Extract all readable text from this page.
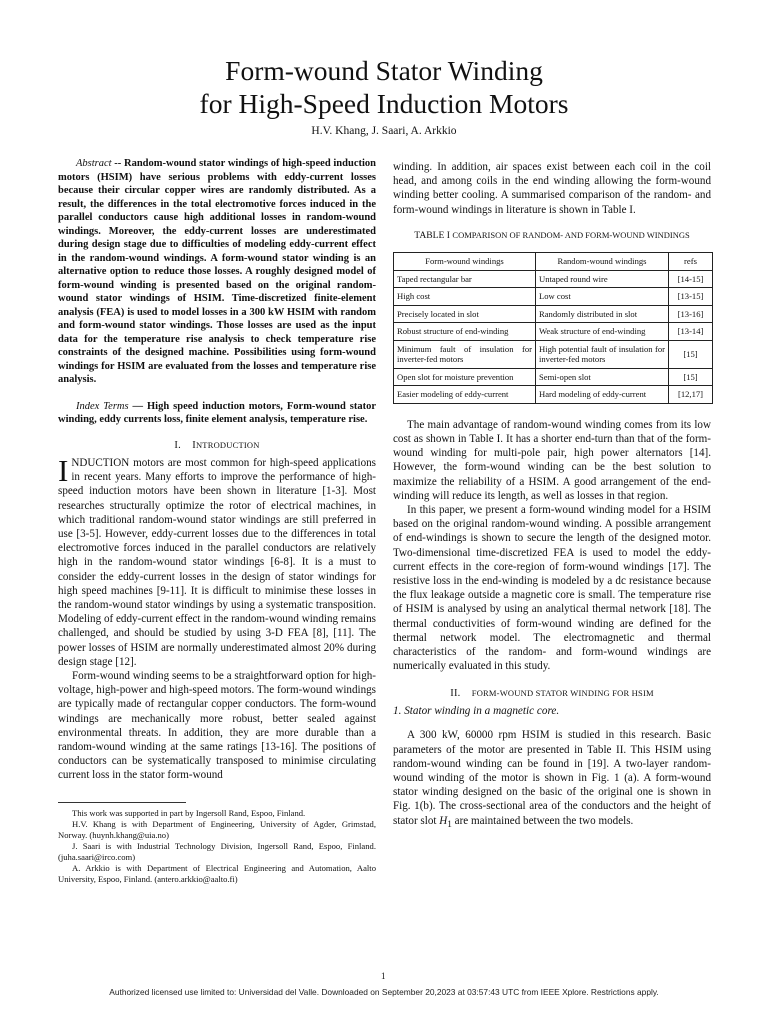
Form-wound Stator Winding
for High-Speed Induction Motors
H.V. Khang, J. Saari, A. Arkkio

Abstract -- Random-wound stator windings of high-speed induction motors (HSIM) have serious problems with eddy-current losses because their circular copper wires are randomly distributed. As a result, the differences in the total electromotive forces induced in the parallel conductors cause high additional losses in random-wound windings. Moreover, the eddy-current losses are underestimated during design stage due to difficulties of modeling eddy-current effect in the random-wound windings. A form-wound stator winding is an alternative option to reduce those losses. A roughly designed model of form-wound winding is presented based on the original random-wound stator windings of HSIM. Time-discretized finite-element analysis (FEA) is used to model losses in a 300 kW HSIM with random and form-wound stator windings. Those losses are used as the input data for the temperature rise analysis to check temperature rise constraints of the designed machine. Possibilities using form-wound windings for HSIM are evaluated from the losses and temperature rise analysis.

Index Terms — High speed induction motors, Form-wound stator winding, eddy currents loss, finite element analysis, temperature rise.

I. INTRODUCTION

INDUCTION motors are most common for high-speed applications in recent years. Many efforts to improve the performance of high-speed induction motors have been shown in literature [1-3]. Most researches structurally optimize the rotor of electrical machines, in which traditional random-wound stator windings are still preferred in use [3-5]. However, eddy-current losses due to the differences in total electromotive forces induced in the parallel conductors are relatively high in the random-wound stator windings [6-8]. It is a must to consider the eddy-current losses in the design of stator windings for high speed machines [9-11]. It is difficult to minimise these losses in the random-wound stator windings by using a systematic transposition. Modeling of eddy-current effect in the random-wound winding remains challenged, and should be studied by using 3-D FEA [8], [11]. The power losses of HSIM are normally underestimated almost 20% during design stage [12].

Form-wound winding seems to be a straightforward option for high-voltage, high-power and high-speed motors. The form-wound windings are typically made of rectangular copper conductors. The form-wound windings are mechanically more robust, better sealed against environmental threats. In addition, they are more durable than a random-wound winding at the same ratings [13-16]. The positions of conductors can be systematically transposed to minimise circulating current loss in the stator form-wound

This work was supported in part by Ingersoll Rand, Espoo, Finland.

H.V. Khang is with Department of Engineering, University of Agder, Grimstad, Norway. (huynh.khang@uia.no)

J. Saari is with Industrial Technology Division, Ingersoll Rand, Espoo, Finland. (juha.saari@irco.com)

A. Arkkio is with Department of Electrical Engineering and Automation, Aalto University, Espoo, Finland. (antero.arkkio@aalto.fi)

winding. In addition, air spaces exist between each coil in the coil head, and among coils in the end winding allowing the form-wound winding better cooling. A summarised comparison of the random- and form-wound windings in literature is shown in Table I.

TABLE I COMPARISON OF RANDOM- AND FORM-WOUND WINDINGS

Form-wound windings	Random-wound windings	refs
Taped rectangular bar	Untaped round wire	[14-15]
High cost	Low cost	[13-15]
Precisely located in slot	Randomly distributed in slot	[13-16]
Robust structure of end-winding	Weak structure of end-winding	[13-14]
Minimum fault of insulation for inverter-fed motors	High potential fault of insulation for inverter-fed motors	[15]
Open slot for moisture prevention	Semi-open slot	[15]
Easier modeling of eddy-current	Hard modeling of eddy-current	[12,17]

The main advantage of random-wound winding comes from its low cost as shown in Table I. It has a shorter end-turn than that of the form-wound winding for multi-pole pair, high power alternators [14]. However, the form-wound winding can be the best solution to maximize the reliability of a HSIM. A good arrangement of the end-winding will reduce its length, as well as losses in that region.

In this paper, we present a form-wound winding model for a HSIM based on the original random-wound winding. A possible arrangement of end-windings is shown to secure the length of the designed motor. Two-dimensional time-discretized FEA is used to model the eddy-current effects in the core-region of form-wound windings [17]. The resistive loss in the end-winding is modeled by a dc resistance because the flux leakage outside a magnetic core is small. The temperature rise of HSIM is analysed by using an analytical thermal network [18]. The thermal conductivities of form-wound winding are defined for the thermal network model. The electromagnetic and thermal characteristics of the random- and form-wound windings are numerically evaluated in this study.

II. FORM-WOUND STATOR WINDING FOR HSIM

1. Stator winding in a magnetic core.

A 300 kW, 60000 rpm HSIM is studied in this research. Basic parameters of the motor are presented in Table II. This HSIM using random-wound winding can be found in [19]. A two-layer random-wound winding of the motor is shown in Fig. 1 (a). A form-wound stator winding designed on the basic of the original one is shown in Fig. 1(b). The cross-sectional area of the conductors and the height of stator slot $H_1$ are maintained between the two models.

1
Authorized licensed use limited to: Universidad del Valle. Downloaded on September 20,2023 at 03:57:43 UTC from IEEE Xplore. Restrictions apply.
